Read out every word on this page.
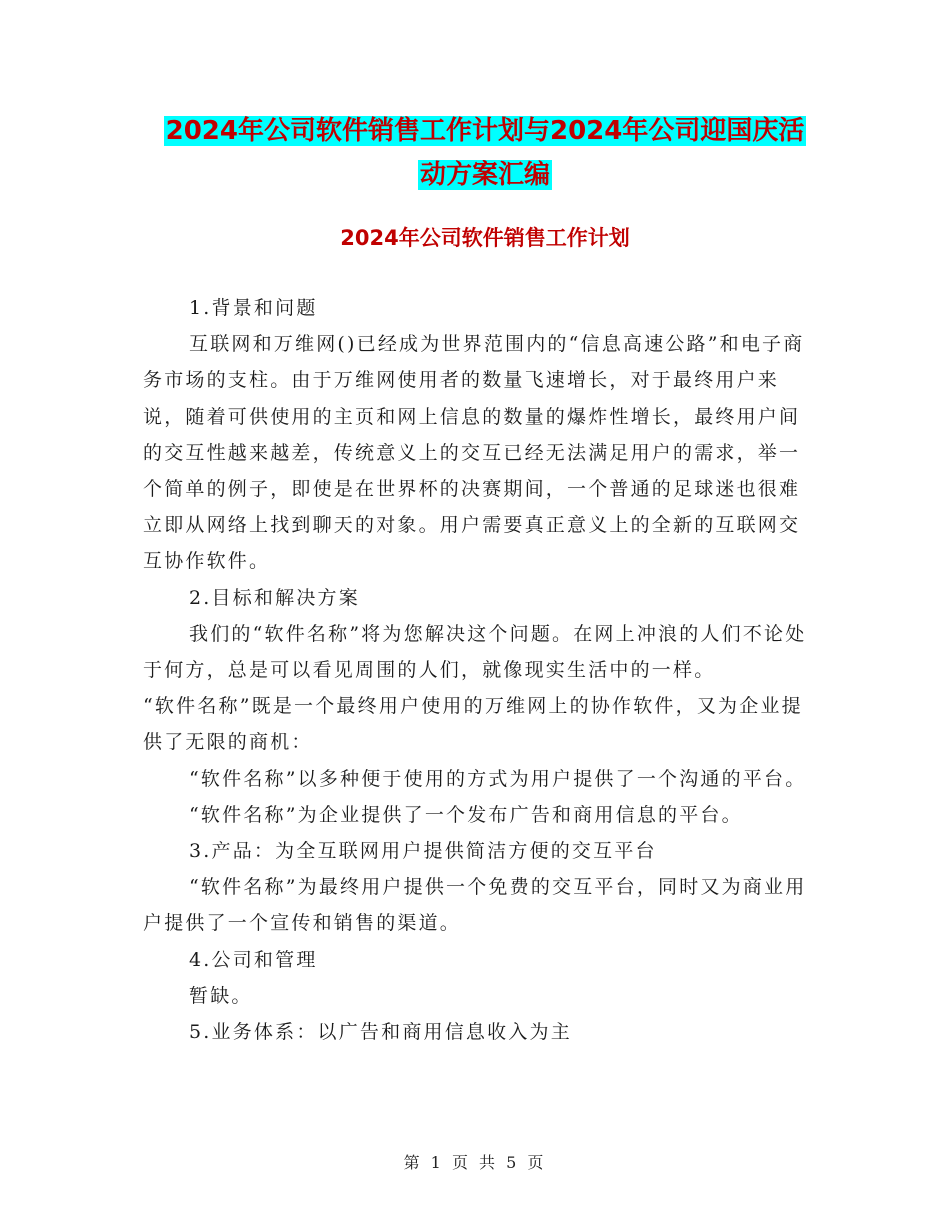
2024年公司软件销售工作计划与2024年公司迎国庆活
动方案汇编
2024年公司软件销售工作计划

1.背景和问题

互联网和万维网()已经成为世界范围内的“信息高速公路”和电子商务市场的支柱。由于万维网使用者的数量飞速增长，对于最终用户来说，随着可供使用的主页和网上信息的数量的爆炸性增长，最终用户间的交互性越来越差，传统意义上的交互已经无法满足用户的需求，举一个简单的例子，即使是在世界杯的决赛期间，一个普通的足球迷也很难立即从网络上找到聊天的对象。用户需要真正意义上的全新的互联网交互协作软件。

2.目标和解决方案

我们的“软件名称”将为您解决这个问题。在网上冲浪的人们不论处于何方，总是可以看见周围的人们，就像现实生活中的一样。

“软件名称”既是一个最终用户使用的万维网上的协作软件，又为企业提供了无限的商机：

“软件名称”以多种便于使用的方式为用户提供了一个沟通的平台。

“软件名称”为企业提供了一个发布广告和商用信息的平台。

3.产品：为全互联网用户提供简洁方便的交互平台

“软件名称”为最终用户提供一个免费的交互平台，同时又为商业用户提供了一个宣传和销售的渠道。

4.公司和管理

暂缺。

5.业务体系：以广告和商用信息收入为主

第 1 页 共 5 页
